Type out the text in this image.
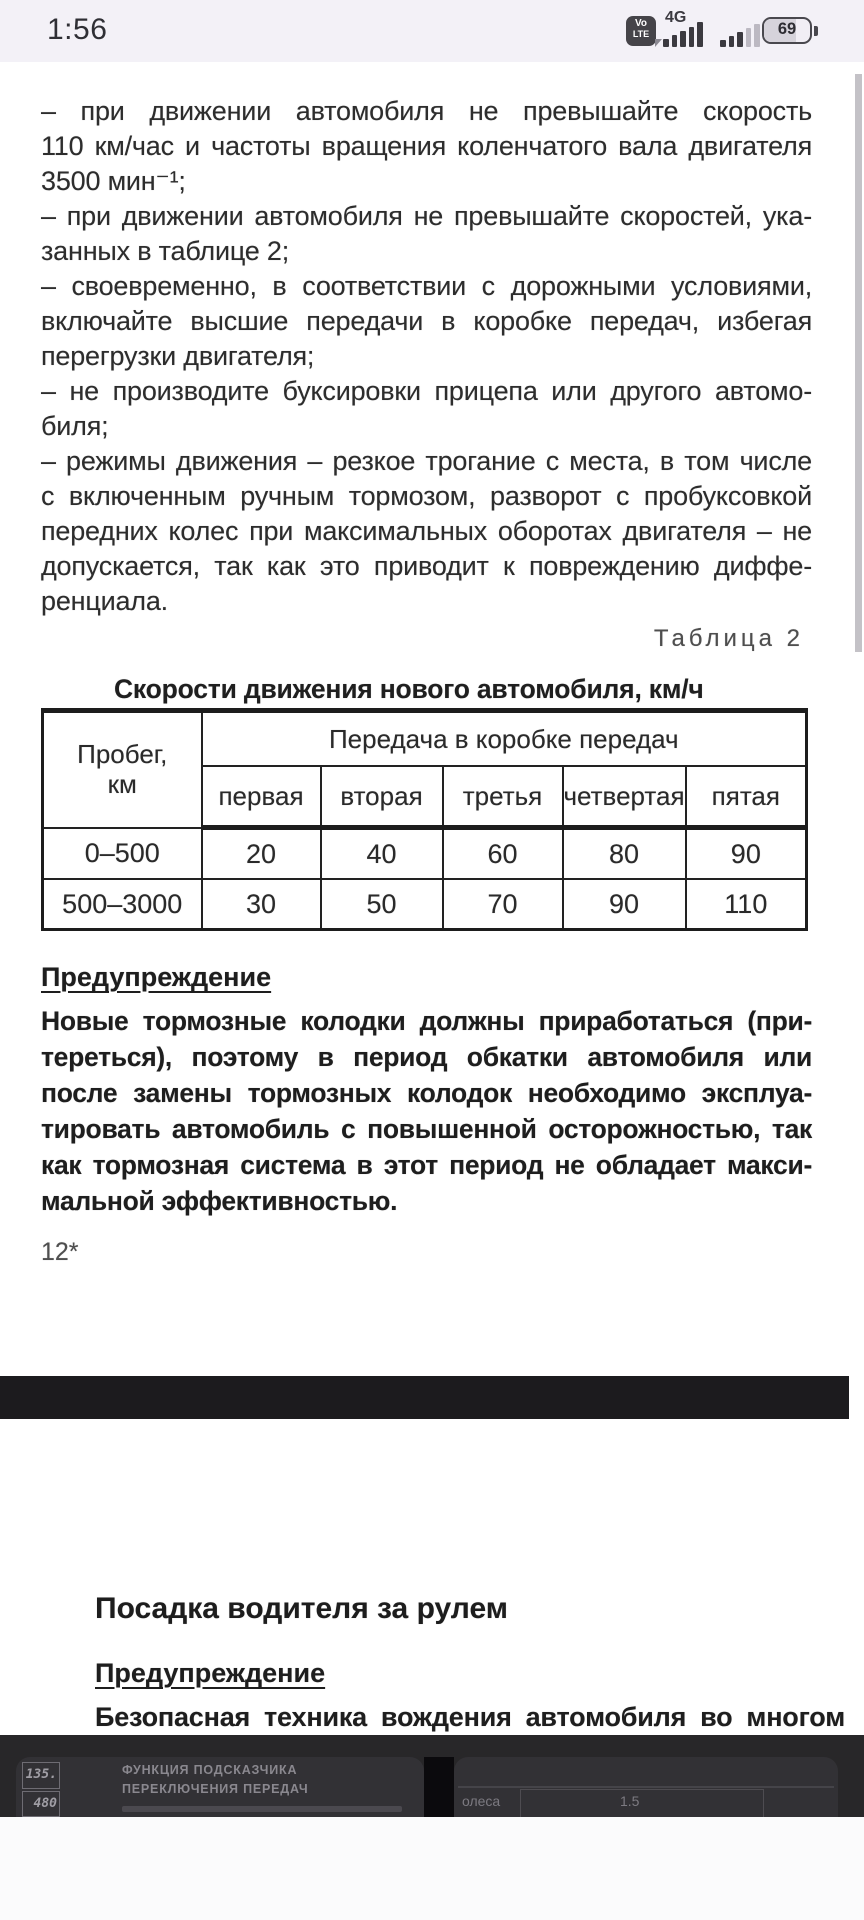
1:56	Vo
LTE
4G
69
– при движении автомобиля не превышайте скорость
110 км/час и частоты вращения коленчатого вала двигателя
3500 мин⁻¹;
– при движении автомобиля не превышайте скоростей, ука-
занных в таблице 2;
– своевременно, в соответствии с дорожными условиями,
включайте высшие передачи в коробке передач, избегая
перегрузки двигателя;
– не производите буксировки прицепа или другого автомо-
биля;
– режимы движения – резкое трогание с места, в том числе
с включенным ручным тормозом, разворот с пробуксовкой
передних колес при максимальных оборотах двигателя – не
допускается, так как это приводит к повреждению диффе-
ренциала.
Таблица 2
Скорости движения нового автомобиля, км/ч
Пробег,
км	Передача в коробке передач				
	первая	вторая	третья	четвертая	пятая
0–500	20	40	60	80	90
500–3000	30	50	70	90	110
Предупреждение
Новые тормозные колодки должны приработаться (при-
тереться), поэтому в период обкатки автомобиля или
после замены тормозных колодок необходимо эксплуа-
тировать автомобиль с повышенной осторожностью, так
как тормозная система в этот период не обладает макси-
мальной эффективностью.
12*
Посадка водителя за рулем
Предупреждение
Безопасная техника вождения автомобиля во многом
135.
480
ФУНКЦИЯ ПОДСКАЗЧИКА
ПЕРЕКЛЮЧЕНИЯ ПЕРЕДАЧ
олеса	1.5
